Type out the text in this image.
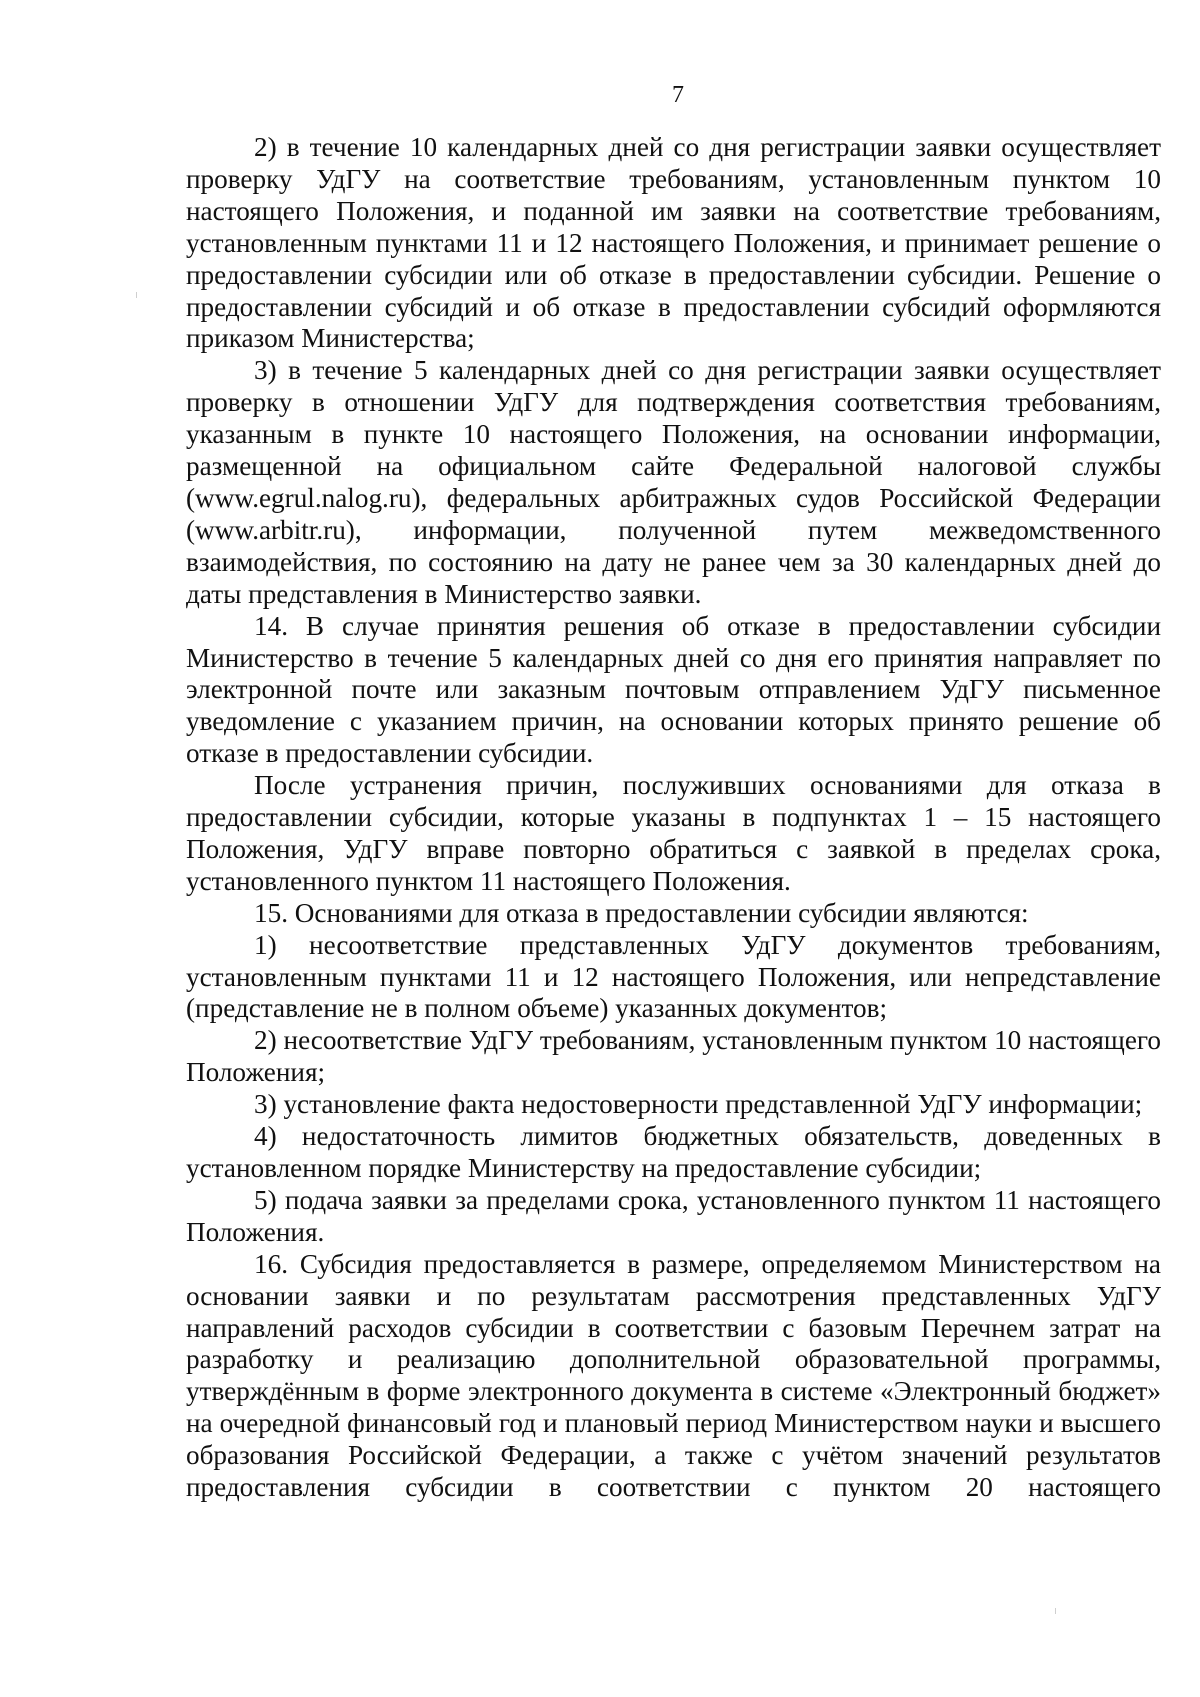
7

2) в течение 10 календарных дней со дня регистрации заявки осуществляет проверку УдГУ на соответствие требованиям, установленным пунктом 10 настоящего Положения, и поданной им заявки на соответствие требованиям, установленным пунктами 11 и 12 настоящего Положения, и принимает решение о предоставлении субсидии или об отказе в предоставлении субсидии. Решение о предоставлении субсидий и об отказе в предоставлении субсидий оформляются приказом Министерства;

3) в течение 5 календарных дней со дня регистрации заявки осуществляет проверку в отношении УдГУ для подтверждения соответствия требованиям, указанным в пункте 10 настоящего Положения, на основании информации, размещенной на официальном сайте Федеральной налоговой службы (www.egrul.nalog.ru), федеральных арбитражных судов Российской Федерации (www.arbitr.ru), информации, полученной путем межведомственного взаимодействия, по состоянию на дату не ранее чем за 30 календарных дней до даты представления в Министерство заявки.

14. В случае принятия решения об отказе в предоставлении субсидии Министерство в течение 5 календарных дней со дня его принятия направляет по электронной почте или заказным почтовым отправлением УдГУ письменное уведомление с указанием причин, на основании которых принято решение об отказе в предоставлении субсидии.

После устранения причин, послуживших основаниями для отказа в предоставлении субсидии, которые указаны в подпунктах 1 – 15 настоящего Положения, УдГУ вправе повторно обратиться с заявкой в пределах срока, установленного пунктом 11 настоящего Положения.

15. Основаниями для отказа в предоставлении субсидии являются:

1) несоответствие представленных УдГУ документов требованиям, установленным пунктами 11 и 12 настоящего Положения, или непредставление (представление не в полном объеме) указанных документов;

2) несоответствие УдГУ требованиям, установленным пунктом 10 настоящего Положения;

3) установление факта недостоверности представленной УдГУ информации;

4) недостаточность лимитов бюджетных обязательств, доведенных в установленном порядке Министерству на предоставление субсидии;

5) подача заявки за пределами срока, установленного пунктом 11 настоящего Положения.

16. Субсидия предоставляется в размере, определяемом Министерством на основании заявки и по результатам рассмотрения представленных УдГУ направлений расходов субсидии в соответствии с базовым Перечнем затрат на разработку и реализацию дополнительной образовательной программы, утверждённым в форме электронного документа в системе «Электронный бюджет» на очередной финансовый год и плановый период Министерством науки и высшего образования Российской Федерации, а также с учётом значений результатов предоставления субсидии в соответствии с пунктом 20 настоящего
